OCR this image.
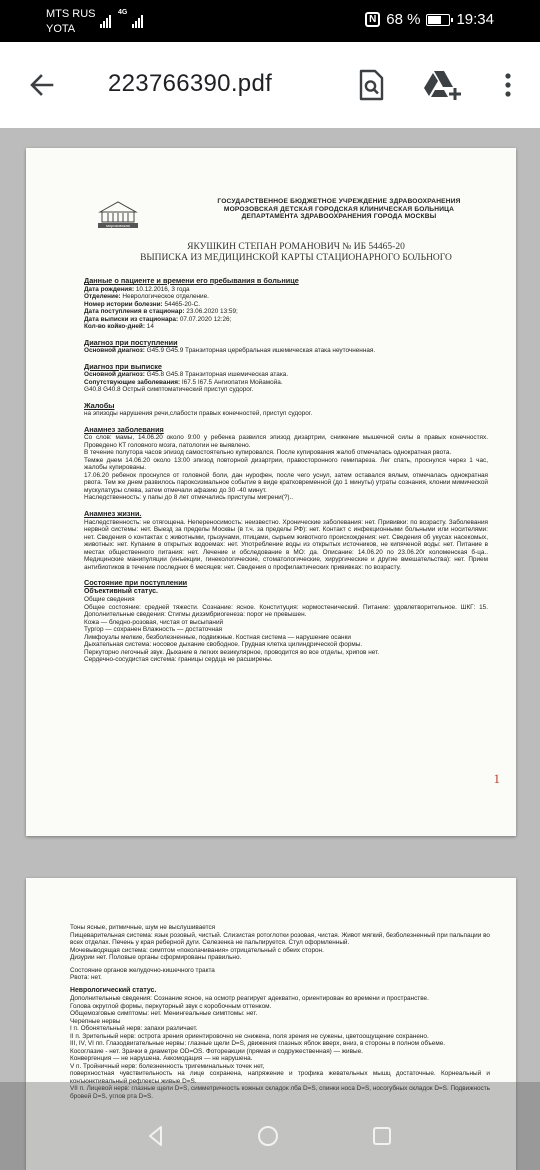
MTS RUS
YOTA
4G
N 68 % 19:34
223766390.pdf
морозовская
ГОСУДАРСТВЕННОЕ БЮДЖЕТНОЕ УЧРЕЖДЕНИЕ ЗДРАВООХРАНЕНИЯ
МОРОЗОВСКАЯ ДЕТСКАЯ ГОРОДСКАЯ КЛИНИЧЕСКАЯ БОЛЬНИЦА
ДЕПАРТАМЕНТА ЗДРАВООХРАНЕНИЯ ГОРОДА МОСКВЫ
ЯКУШКИН СТЕПАН РОМАНОВИЧ № ИБ 54465-20
ВЫПИСКА ИЗ МЕДИЦИНСКОЙ КАРТЫ СТАЦИОНАРНОГО БОЛЬНОГО
Данные о пациенте и времени его пребывания в больнице
Дата рождения: 10.12.2016, 3 года
Отделение: Неврологическое отделение.
Номер истории болезни: 54465-20-С.
Дата поступления в стационар: 23.06.2020 13:59;
Дата выписки из стационара: 07.07.2020 12:26;
Кол-во койко-дней: 14
Диагноз при поступлении
Основной диагноз: G45.9 G45.9 Транзиторная церебральная ишемическая атака неуточненная.
Диагноз при выписке
Основной диагноз: G45.8 G45.8 Транзиторная ишемическая атака.
Сопутствующие заболевания: I67.5 I67.5 Ангиопатия Мойамойа.
G40.8 G40.8 Острый симптоматический приступ судорог.
Жалобы
на эпизоды нарушения речи,слабости правых конечностей, приступ судорог.
Анамнез заболевания
Со слов: мамы, 14.06.20 около 9:00 у ребенка развился эпизод дизартрии, снижение мышечной силы в правых конечностях. Проведено КТ головного мозга, патологии не выявлено.
В течение полутора часов эпизод самостоятельно купировался. После купирования жалоб отмечалась однократная рвота.
Темже днем 14.06.20 около 13:00 эпизод повторной дизартрии, правосторонного гемипареза. Лег спать, проснулся через 1 час, жалобы купированы.
17.06.20 ребенок проснулся от головной боли, дан нурофен, после чего уснул, затем оставался вялым, отмечалась однократная рвота. Тем же днем развилось пароксизмальное событие в виде кратковременной (до 1 минуты) утраты сознания, клонии мимической мускулатуры слева, затем отмечали афазию до 30 -40 минут.
Наследственность: у папы до 8 лет отмечались приступы мигрени(?)..
Анамнез жизни.
Наследственность: не отягощена. Непереносимость: неизвестно. Хронические заболевания: нет. Прививки: по возрасту. Заболевания нервной системы: нет. Выезд за пределы Москвы (в т.ч. за пределы РФ): нет. Контакт с инфекционными больными или носителями: нет. Сведения о контактах с животными, грызунами, птицами, сырьем животного происхождения: нет. Сведения об укусах насекомых, животных: нет. Купание в открытых водоемах: нет. Употребление воды из открытых источников, не кипяченой воды: нет. Питание в местах общественного питания: нет. Лечение и обследование в МО: да. Описание: 14.06.20 по 23.06.20г коломенская б-ца.. Медицинские манипуляции (инъекции, гинекологические, стоматологические, хирургические и другие вмешательства): нет. Прием антибиотиков в течение последних 6 месяцев: нет. Сведения о профилактических прививках: по возрасту.
Состояние при поступлении
Объективный статус.
Общие сведения
Общее состояние: средней тяжести. Сознание: ясное. Конституция: нормостенический. Питание: удовлетворительное. ШКГ: 15. Дополнительные сведения: Стигмы дизэмбриогенеза: порог не превышен.
Кожа — бледно-розовая, чистая от высыпаний
Тургор — сохранен Влажность — достаточная
Лимфоузлы мелкие, безболезненные, подвижные. Костная система — нарушение осанки
Дыхательная система: носовое дыхание свободное. Грудная клетка цилиндрической формы.
Перкуторно легочный звук. Дыхание в легких везикулярное, проводится во все отделы, хрипов нет.
Сердечно-сосудистая система: границы сердца не расширены.
1
Тоны ясные, ритмичные, шум не выслушивается
Пищеварительная система: язык розовый, чистый. Слизистая ротоглотки розовая, чистая. Живот мягкий, безболезненный при пальпации во всех отделах. Печень у края реберной дуги. Селезенка не пальпируется. Стул оформленный.
Мочевыводящая система: симптом «поколачивания» отрицательный с обеих сторон.
Дизурии нет. Половые органы сформированы правильно.
Состояние органов желудочно-кишечного тракта
Рвота: нет.
Неврологический статус.
Дополнительные сведения: Сознание ясное, на осмотр реагирует адекватно, ориентирован во времени и пространстве.
Голова округлой формы, перкуторный звук с коробочным оттенком.
Общемозговые симптомы: нет. Менингеальные симптомы: нет.
Черепные нервы
I п. Обонятельный нерв: запахи различает.
II п. Зрительный нерв: острота зрения ориентировочно не снижена, поля зрения не сужены, цветоощущение сохранено.
III, IV, VI пп. Глазодвигательные нервы: глазные щели D=S, движения глазных яблок вверх, вниз, в стороны в полном объеме.
Косоглазие - нет. Зрачки в диаметре OD=OS. Фотореакции (прямая и содружественная) — живые.
Конвергенция — не нарушена. Аккомодация — не нарушена.
V п. Тройничный нерв: болезненность тригеминальных точек нет,
поверхностная чувствительность на лице сохранена, напряжение и трофика жевательных мышц достаточные. Корнеальный и конъюнктивальный рефлексы живые D=S.
VII п. Лицевой нерв: глазные щели D=S, симметричность кожных складок лба D=S, спинки носа D=S, носогубных складок D=S. Подвижность бровей D=S, углов рта D=S.
